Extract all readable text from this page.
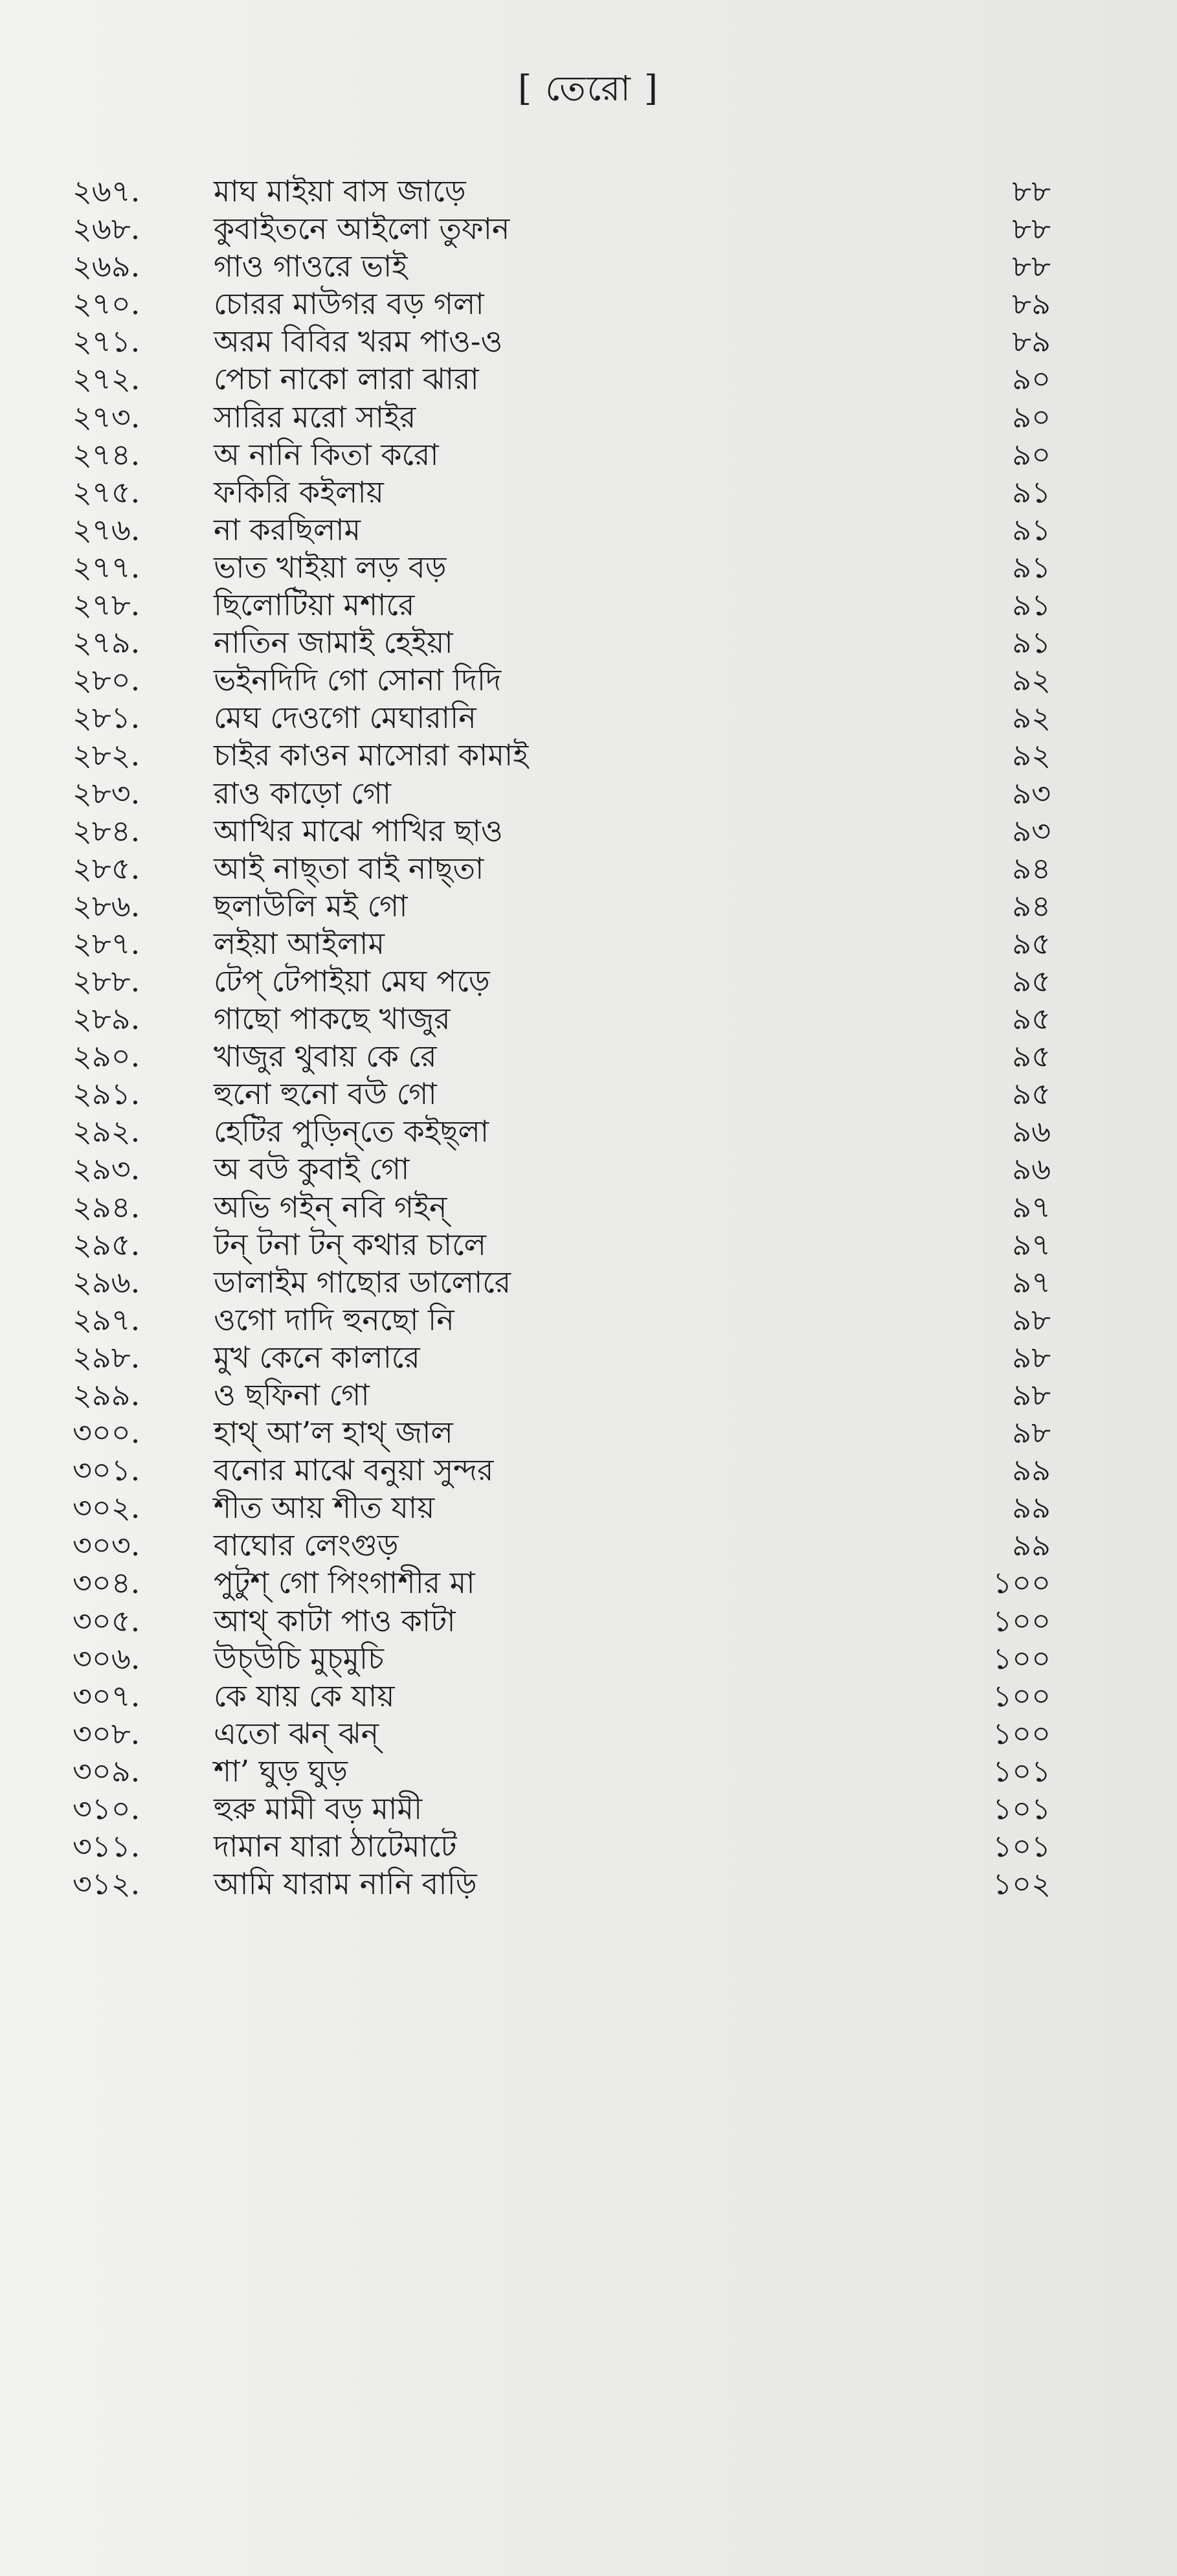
[ তেরো ]
২৬৭.	মাঘ মাইয়া বাস জাড়ে	৮৮
২৬৮.	কুবাইতনে আইলো তুফান	৮৮
২৬৯.	গাও গাওরে ভাই	৮৮
২৭০.	চোরর মাউগর বড় গলা	৮৯
২৭১.	অরম বিবির খরম পাও-ও	৮৯
২৭২.	পেচা নাকো লারা ঝারা	৯০
২৭৩.	সারির মরো সাইর	৯০
২৭৪.	অ নানি কিতা করো	৯০
২৭৫.	ফকিরি কইলায়	৯১
২৭৬.	না করছিলাম	৯১
২৭৭.	ভাত খাইয়া লড় বড়	৯১
২৭৮.	ছিলোটিয়া মশারে	৯১
২৭৯.	নাতিন জামাই হেইয়া	৯১
২৮০.	ভইনদিদি গো সোনা দিদি	৯২
২৮১.	মেঘ দেওগো মেঘারানি	৯২
২৮২.	চাইর কাওন মাসোরা কামাই	৯২
২৮৩.	রাও কাড়ো গো	৯৩
২৮৪.	আখির মাঝে পাখির ছাও	৯৩
২৮৫.	আই নাছ্তা বাই নাছ্তা	৯৪
২৮৬.	ছলাউলি মই গো	৯৪
২৮৭.	লইয়া আইলাম	৯৫
২৮৮.	টেপ্ টেপাইয়া মেঘ পড়ে	৯৫
২৮৯.	গাছো পাকছে খাজুর	৯৫
২৯০.	খাজুর থুবায় কে রে	৯৫
২৯১.	হুনো হুনো বউ গো	৯৫
২৯২.	হেটির পুড়িন্‌তে কইছ্‌লা	৯৬
২৯৩.	অ বউ কুবাই গো	৯৬
২৯৪.	অভি গইন্ নবি গইন্	৯৭
২৯৫.	টন্ টনা টন্ কথার চালে	৯৭
২৯৬.	ডালাইম গাছোর ডালোরে	৯৭
২৯৭.	ওগো দাদি হুনছো নি	৯৮
২৯৮.	মুখ কেনে কালারে	৯৮
২৯৯.	ও ছফিনা গো	৯৮
৩০০.	হাথ্ আ’ল হাথ্ জাল	৯৮
৩০১.	বনোর মাঝে বনুয়া সুন্দর	৯৯
৩০২.	শীত আয় শীত যায়	৯৯
৩০৩.	বাঘোর লেংগুড়	৯৯
৩০৪.	পুটুশ্ গো পিংগাশীর মা	১০০
৩০৫.	আথ্ কাটা পাও কাটা	১০০
৩০৬.	উচ্‌উচি মুচ্‌মুচি	১০০
৩০৭.	কে যায় কে যায়	১০০
৩০৮.	এতো ঝন্ ঝন্	১০০
৩০৯.	শা’ ঘুড় ঘুড়	১০১
৩১০.	হুরু মামী বড় মামী	১০১
৩১১.	দামান যারা ঠাটেমাটে	১০১
৩১২.	আমি যারাম নানি বাড়ি	১০২
